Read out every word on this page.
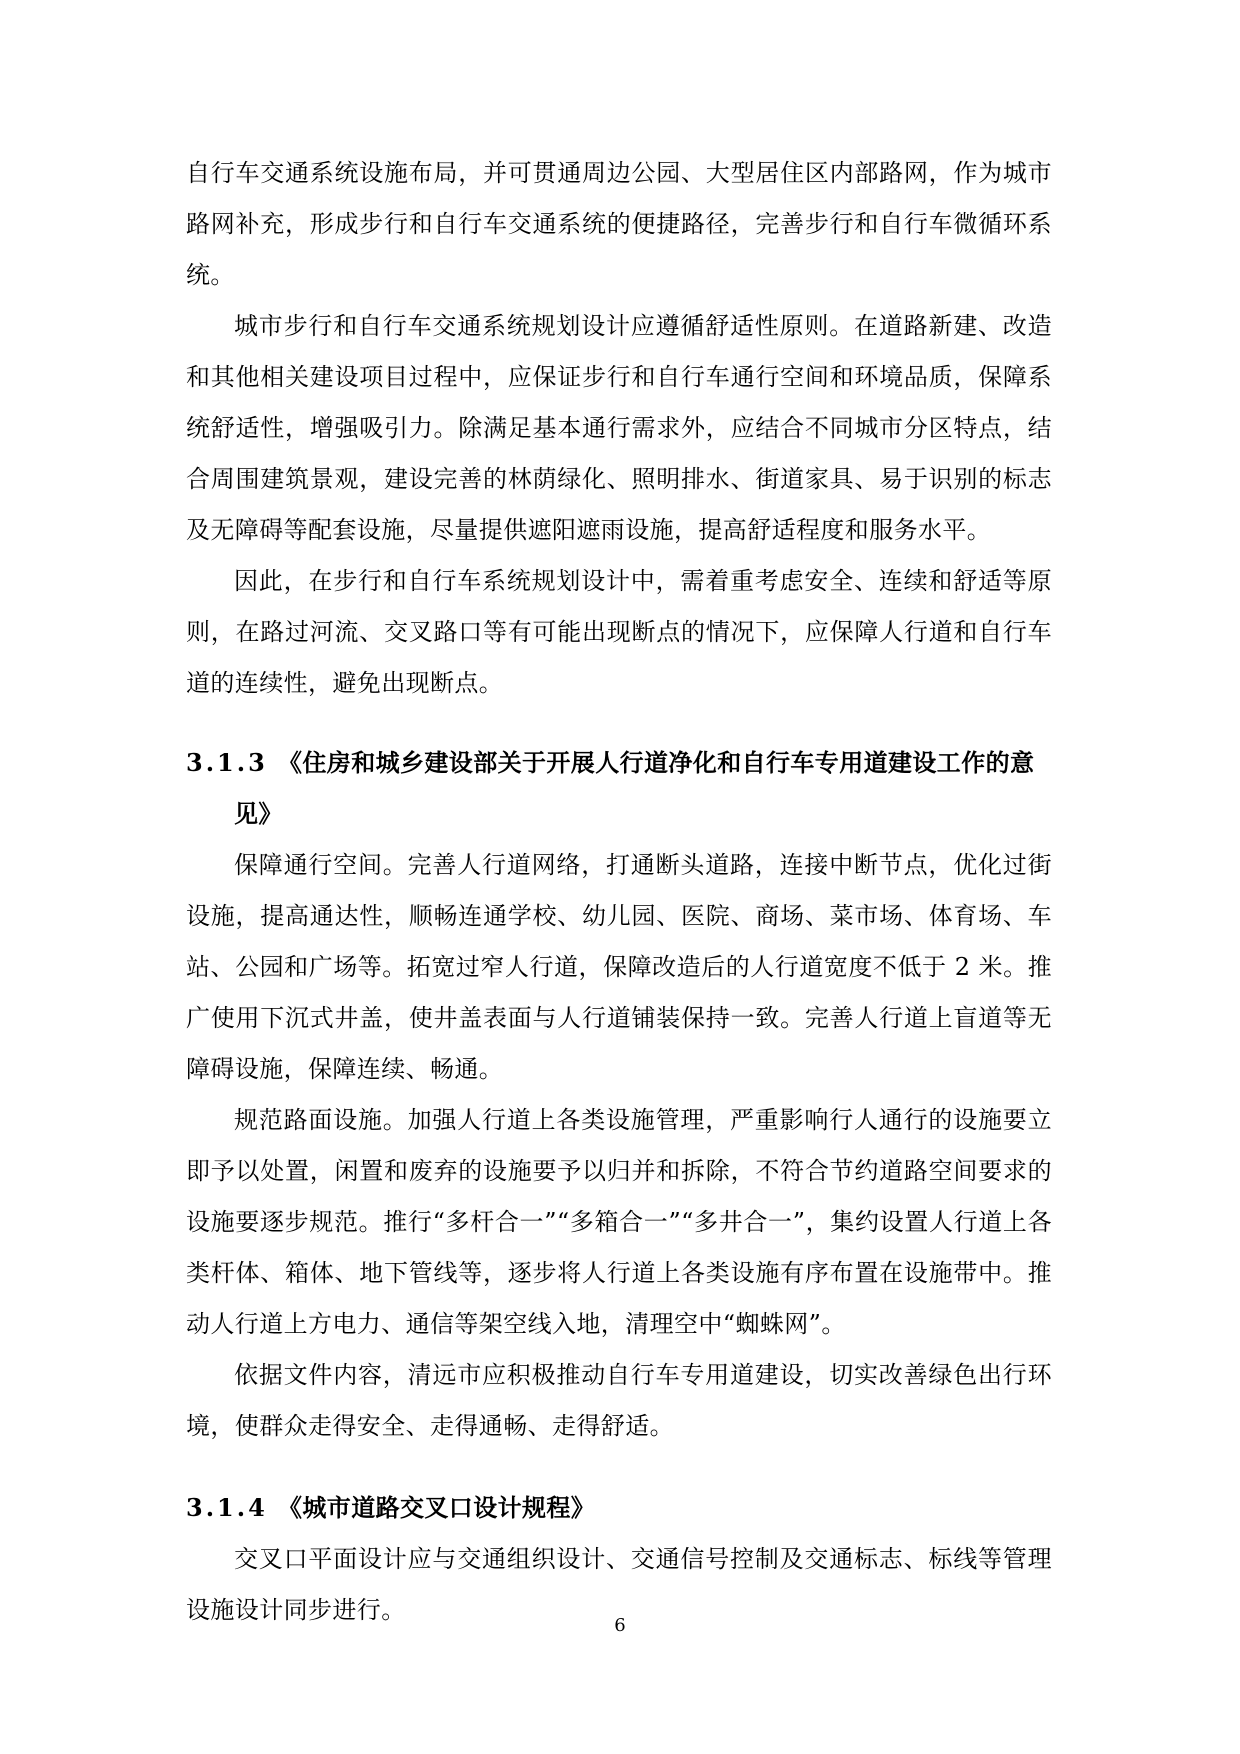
自行车交通系统设施布局，并可贯通周边公园、大型居住区内部路网，作为城市路网补充，形成步行和自行车交通系统的便捷路径，完善步行和自行车微循环系统。

城市步行和自行车交通系统规划设计应遵循舒适性原则。在道路新建、改造和其他相关建设项目过程中，应保证步行和自行车通行空间和环境品质，保障系统舒适性，增强吸引力。除满足基本通行需求外，应结合不同城市分区特点，结合周围建筑景观，建设完善的林荫绿化、照明排水、街道家具、易于识别的标志及无障碍等配套设施，尽量提供遮阳遮雨设施，提高舒适程度和服务水平。

因此，在步行和自行车系统规划设计中，需着重考虑安全、连续和舒适等原则，在路过河流、交叉路口等有可能出现断点的情况下，应保障人行道和自行车道的连续性，避免出现断点。

3.1.3 《住房和城乡建设部关于开展人行道净化和自行车专用道建设工作的意见》

保障通行空间。完善人行道网络，打通断头道路，连接中断节点，优化过街设施，提高通达性，顺畅连通学校、幼儿园、医院、商场、菜市场、体育场、车站、公园和广场等。拓宽过窄人行道，保障改造后的人行道宽度不低于 2 米。推广使用下沉式井盖，使井盖表面与人行道铺装保持一致。完善人行道上盲道等无障碍设施，保障连续、畅通。

规范路面设施。加强人行道上各类设施管理，严重影响行人通行的设施要立即予以处置，闲置和废弃的设施要予以归并和拆除，不符合节约道路空间要求的设施要逐步规范。推行“多杆合一”“多箱合一”“多井合一”，集约设置人行道上各类杆体、箱体、地下管线等，逐步将人行道上各类设施有序布置在设施带中。推动人行道上方电力、通信等架空线入地，清理空中“蜘蛛网”。

依据文件内容，清远市应积极推动自行车专用道建设，切实改善绿色出行环境，使群众走得安全、走得通畅、走得舒适。

3.1.4 《城市道路交叉口设计规程》

交叉口平面设计应与交通组织设计、交通信号控制及交通标志、标线等管理设施设计同步进行。

6
